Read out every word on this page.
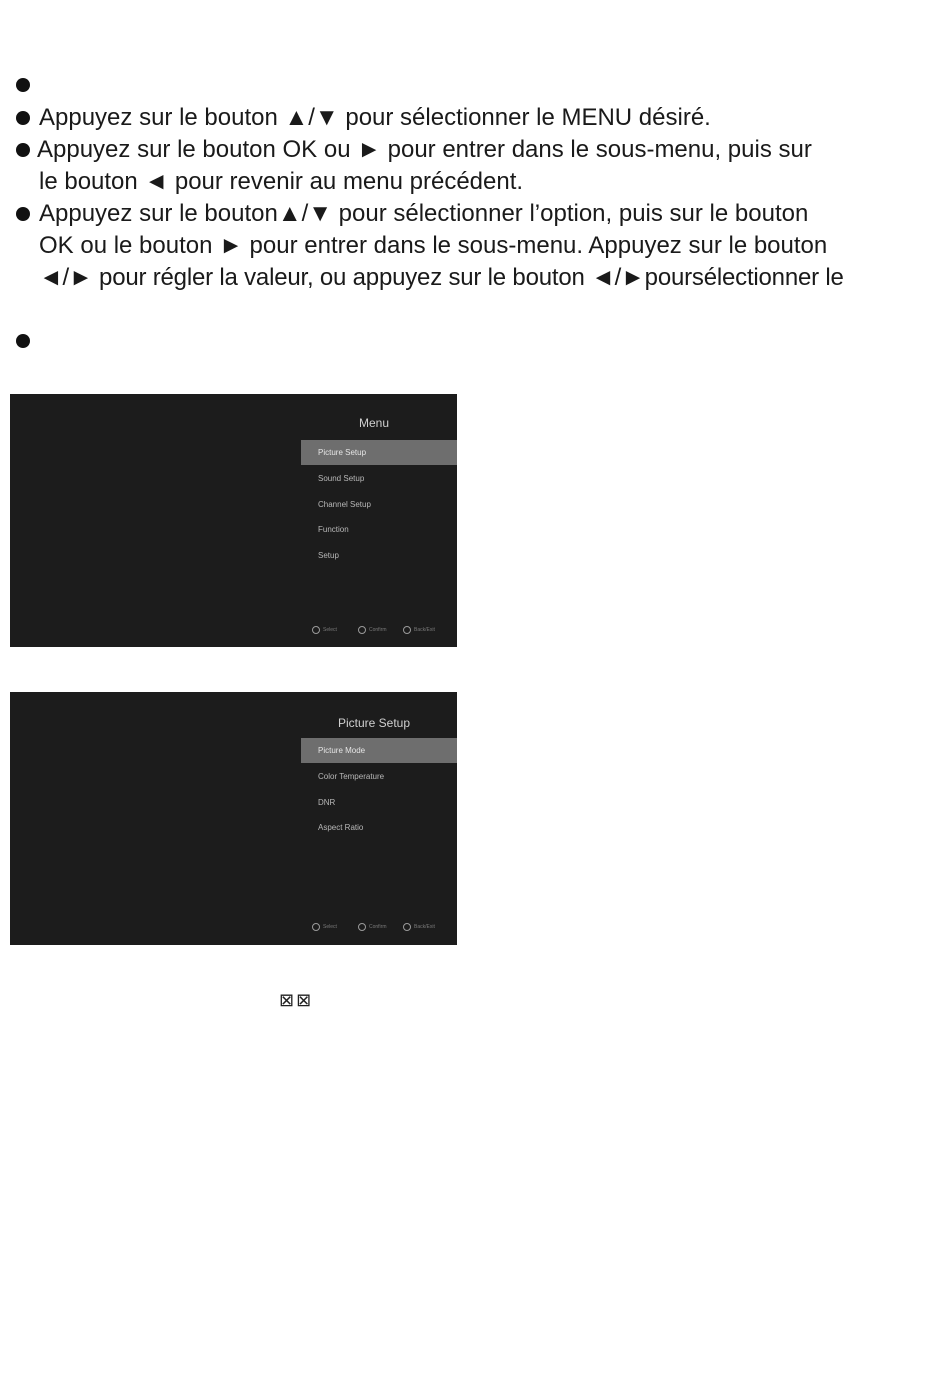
Appuyez sur le bouton ▲/▼ pour sélectionner le MENU désiré.
Appuyez sur le bouton OK ou ► pour entrer dans le sous-menu, puis sur
le bouton ◄ pour revenir au menu précédent.
Appuyez sur le bouton▲/▼ pour sélectionner l’option, puis sur le bouton
OK ou le bouton ► pour entrer dans le sous-menu. Appuyez sur le bouton
◄/► pour régler la valeur, ou appuyez sur le bouton ◄/►poursélectionner le
Menu
Picture Setup
Sound Setup
Channel Setup
Function
Setup
Select	Confirm	Back/Exit
Picture Setup
Picture Mode
Color Temperature
DNR
Aspect Ratio
Select	Confirm	Back/Exit
⊠⊠
